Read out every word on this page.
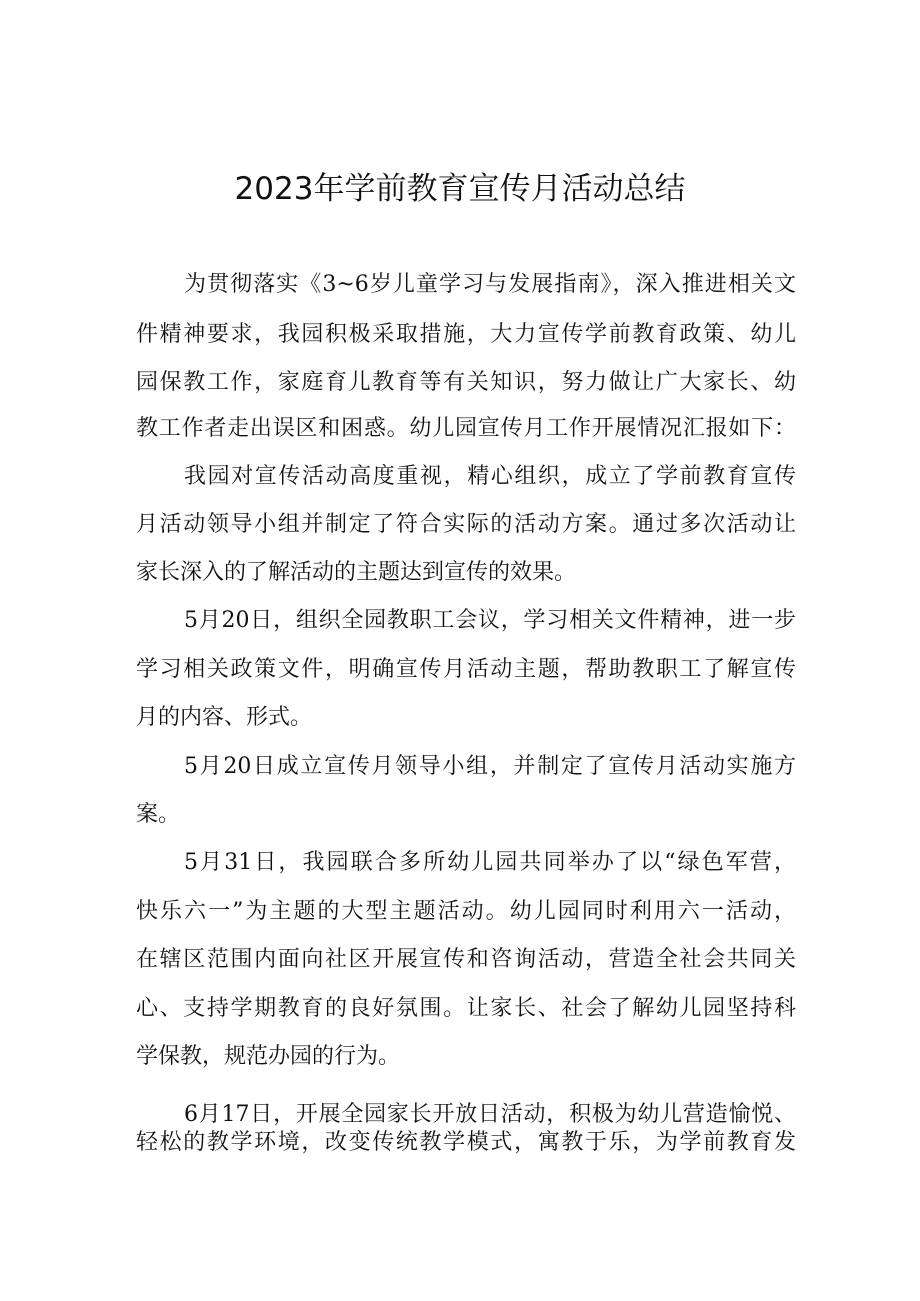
2023年学前教育宣传月活动总结
为贯彻落实《3~6岁儿童学习与发展指南》，深入推进相关文
件精神要求，我园积极采取措施，大力宣传学前教育政策、幼儿
园保教工作，家庭育儿教育等有关知识，努力做让广大家长、幼
教工作者走出误区和困惑。幼儿园宣传月工作开展情况汇报如下：
我园对宣传活动高度重视，精心组织，成立了学前教育宣传
月活动领导小组并制定了符合实际的活动方案。通过多次活动让
家长深入的了解活动的主题达到宣传的效果。
5月20日，组织全园教职工会议，学习相关文件精神，进一步
学习相关政策文件，明确宣传月活动主题，帮助教职工了解宣传
月的内容、形式。
5月20日成立宣传月领导小组，并制定了宣传月活动实施方
案。
5月31日，我园联合多所幼儿园共同举办了以“绿色军营，
快乐六一”为主题的大型主题活动。幼儿园同时利用六一活动，
在辖区范围内面向社区开展宣传和咨询活动，营造全社会共同关
心、支持学期教育的良好氛围。让家长、社会了解幼儿园坚持科
学保教，规范办园的行为。
6月17日，开展全园家长开放日活动，积极为幼儿营造愉悦、
轻松的教学环境，改变传统教学模式，寓教于乐，为学前教育发
